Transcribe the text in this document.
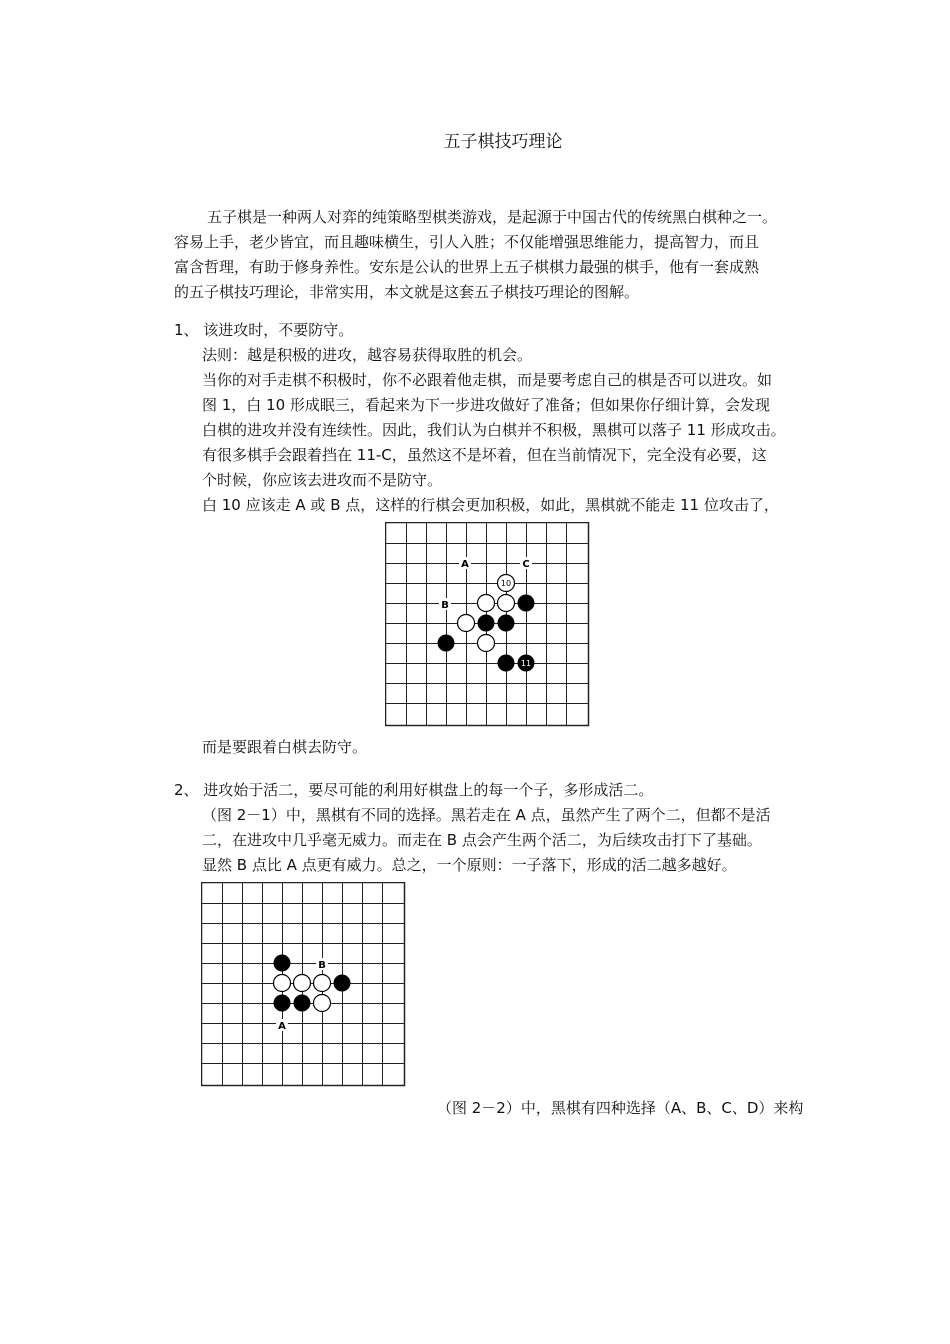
五子棋技巧理论
五子棋是一种两人对弈的纯策略型棋类游戏，是起源于中国古代的传统黑白棋种之一。
容易上手，老少皆宜，而且趣味横生，引人入胜；不仅能增强思维能力，提高智力，而且
富含哲理，有助于修身养性。安东是公认的世界上五子棋棋力最强的棋手，他有一套成熟
的五子棋技巧理论，非常实用，本文就是这套五子棋技巧理论的图解。
1、 该进攻时，不要防守。
法则：越是积极的进攻，越容易获得取胜的机会。
当你的对手走棋不积极时，你不必跟着他走棋，而是要考虑自己的棋是否可以进攻。如
图 1，白 10 形成眠三，看起来为下一步进攻做好了准备；但如果你仔细计算，会发现
白棋的进攻并没有连续性。因此，我们认为白棋并不积极，黑棋可以落子 11 形成攻击。
有很多棋手会跟着挡在 11-C，虽然这不是坏着，但在当前情况下，完全没有必要，这
个时候，你应该去进攻而不是防守。
白 10 应该走 A 或 B 点，这样的行棋会更加积极，如此，黑棋就不能走 11 位攻击了，
A	C
B
10
11
而是要跟着白棋去防守。
2、 进攻始于活二，要尽可能的利用好棋盘上的每一个子，多形成活二。
（图 2－1）中，黑棋有不同的选择。黑若走在 A 点，虽然产生了两个二，但都不是活
二，在进攻中几乎毫无威力。而走在 B 点会产生两个活二，为后续攻击打下了基础。
显然 B 点比 A 点更有威力。总之，一个原则：一子落下，形成的活二越多越好。
B
A
（图 2－2）中，黑棋有四种选择（A、B、C、D）来构
